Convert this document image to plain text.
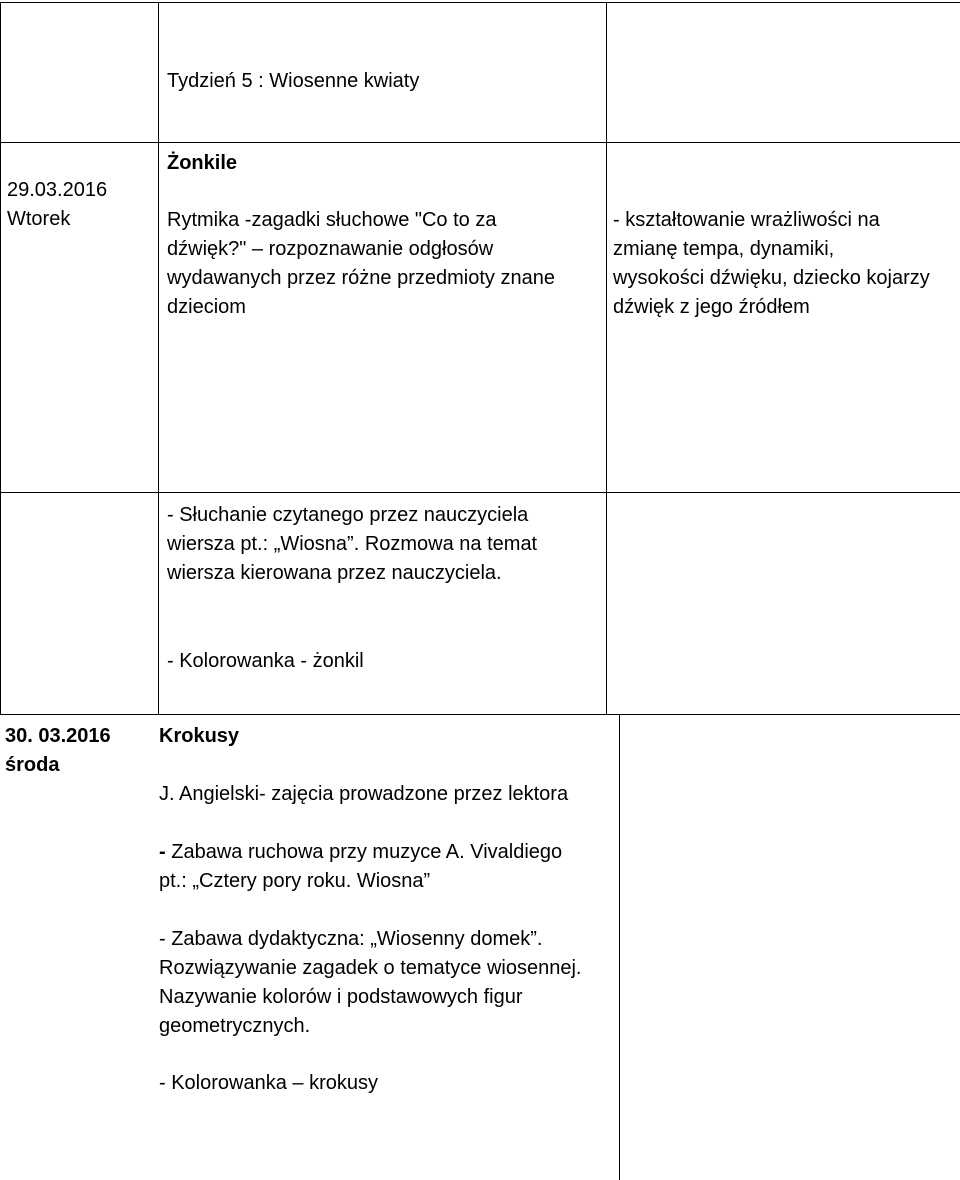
Tydzień 5 : Wiosenne kwiaty
29.03.2016
Wtorek
Żonkile
Rytmika -zagadki słuchowe "Co to za
dźwięk?" – rozpoznawanie odgłosów
wydawanych przez różne przedmioty znane
dzieciom
- kształtowanie wrażliwości na
zmianę tempa, dynamiki,
wysokości dźwięku, dziecko kojarzy
dźwięk z jego źródłem
- Słuchanie czytanego przez nauczyciela
wiersza pt.: „Wiosna”. Rozmowa na temat
wiersza kierowana przez nauczyciela.
- Kolorowanka - żonkil
30. 03.2016
środa
Krokusy
J. Angielski- zajęcia prowadzone przez lektora
- Zabawa ruchowa przy muzyce A. Vivaldiego
pt.: „Cztery pory roku. Wiosna”
- Zabawa dydaktyczna: „Wiosenny domek”.
Rozwiązywanie zagadek o tematyce wiosennej.
Nazywanie kolorów i podstawowych figur
geometrycznych.
- Kolorowanka – krokusy
